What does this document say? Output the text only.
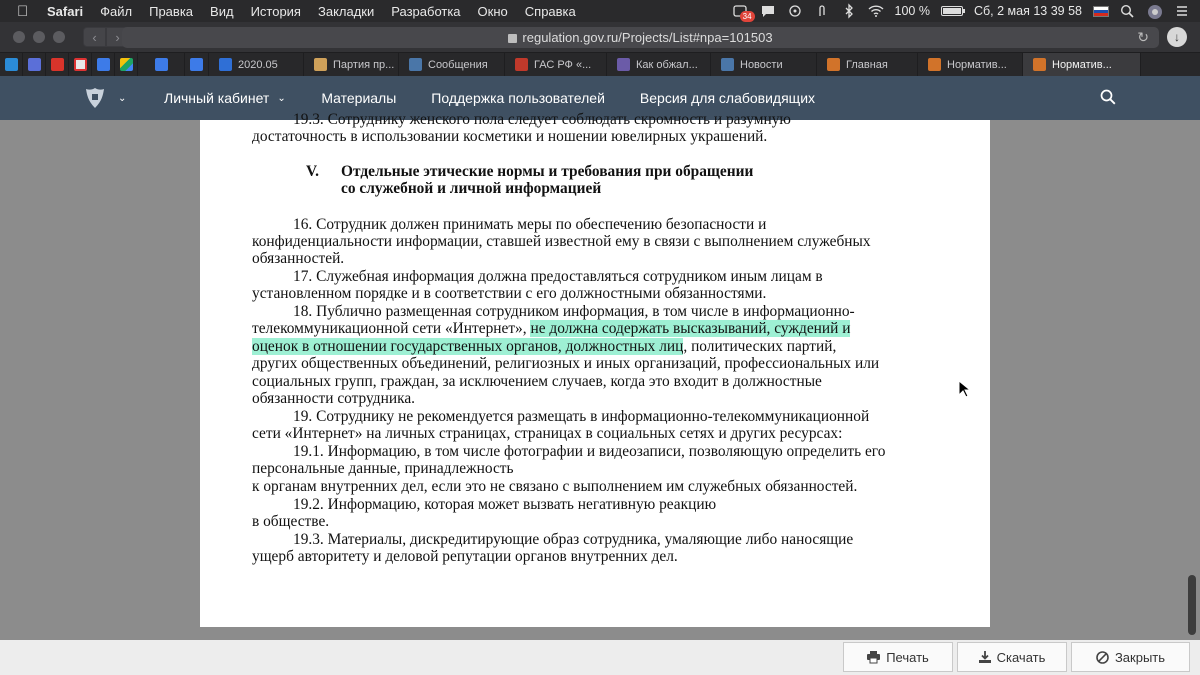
Safari Файл Правка Вид История Закладки Разработка Окно Справка	34	100 %	Сб, 2 мая 13 39 58
‹	›	regulation.gov.ru/Projects/List#npa=101503	↻	↓
2020.05	Партия пр...	Сообщения	ГАС РФ «...	Как обжал...	Новости	Главная	Норматив...	Норматив...
⌄	Личный кабинет ⌄	Материалы	Поддержка пользователей	Версия для слабовидящих
19.3. Сотруднику женского пола следует соблюдать скромность и разумную
достаточность в использовании косметики и ношении ювелирных украшений.
V. Отдельные этические нормы и требования при обращении
со служебной и личной информацией
16. Сотрудник должен принимать меры по обеспечению безопасности и
конфиденциальности информации, ставшей известной ему в связи с выполнением служебных
обязанностей.
17. Служебная информация должна предоставляться сотрудником иным лицам в
установленном порядке и в соответствии с его должностными обязанностями.
18. Публично размещенная сотрудником информация, в том числе в информационно-
телекоммуникационной сети «Интернет», не должна содержать высказываний, суждений и
оценок в отношении государственных органов, должностных лиц, политических партий,
других общественных объединений, религиозных и иных организаций, профессиональных или
социальных групп, граждан, за исключением случаев, когда это входит в должностные
обязанности сотрудника.
19. Сотруднику не рекомендуется размещать в информационно-телекоммуникационной
сети «Интернет» на личных страницах, страницах в социальных сетях и других ресурсах:
19.1. Информацию, в том числе фотографии и видеозаписи, позволяющую определить его
персональные данные, принадлежность
к органам внутренних дел, если это не связано с выполнением им служебных обязанностей.
19.2. Информацию, которая может вызвать негативную реакцию
в обществе.
19.3. Материалы, дискредитирующие образ сотрудника, умаляющие либо наносящие
ущерб авторитету и деловой репутации органов внутренних дел.
Печать	Скачать	Закрыть
